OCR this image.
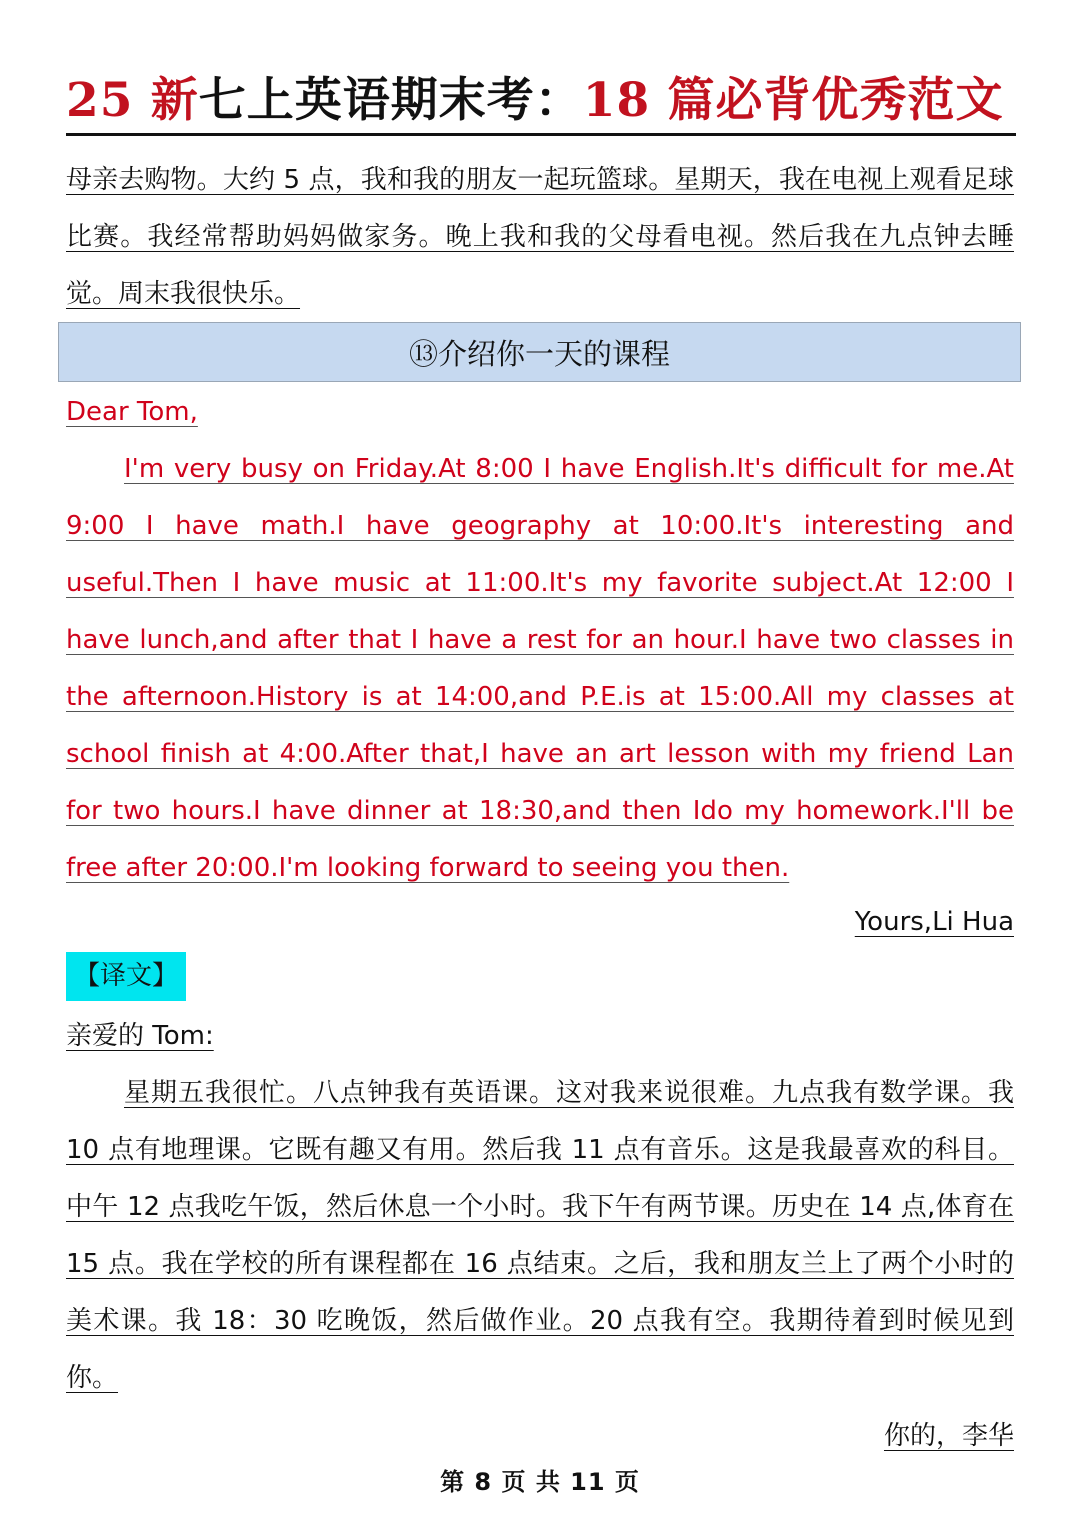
25 新七上英语期末考：18 篇必背优秀范文

母亲去购物。大约 5 点，我和我的朋友一起玩篮球。星期天，我在电视上观看足球比赛。我经常帮助妈妈做家务。晚上我和我的父母看电视。然后我在九点钟去睡觉。周末我很快乐。

⑬介绍你一天的课程

Dear Tom,

I'm very busy on Friday.At 8:00 I have English.It's difficult for me.At 9:00 I have math.I have geography at 10:00.It's interesting and useful.Then I have music at 11:00.It's my favorite subject.At 12:00 I have lunch,and after that I have a rest for an hour.I have two classes in the afternoon.History is at 14:00,and P.E.is at 15:00.All my classes at school finish at 4:00.After that,I have an art lesson with my friend Lan for two hours.I have dinner at 18:30,and then Ido my homework.I'll be free after 20:00.I'm looking forward to seeing you then.

Yours,Li Hua
【译文】

亲爱的 Tom:

星期五我很忙。八点钟我有英语课。这对我来说很难。九点我有数学课。我 10 点有地理课。它既有趣又有用。然后我 11 点有音乐。这是我最喜欢的科目。中午 12 点我吃午饭，然后休息一个小时。我下午有两节课。历史在 14 点,体育在 15 点。我在学校的所有课程都在 16 点结束。之后，我和朋友兰上了两个小时的美术课。我 18：30 吃晚饭，然后做作业。20 点我有空。我期待着到时候见到你。

你的，李华
第 8 页 共 11 页
